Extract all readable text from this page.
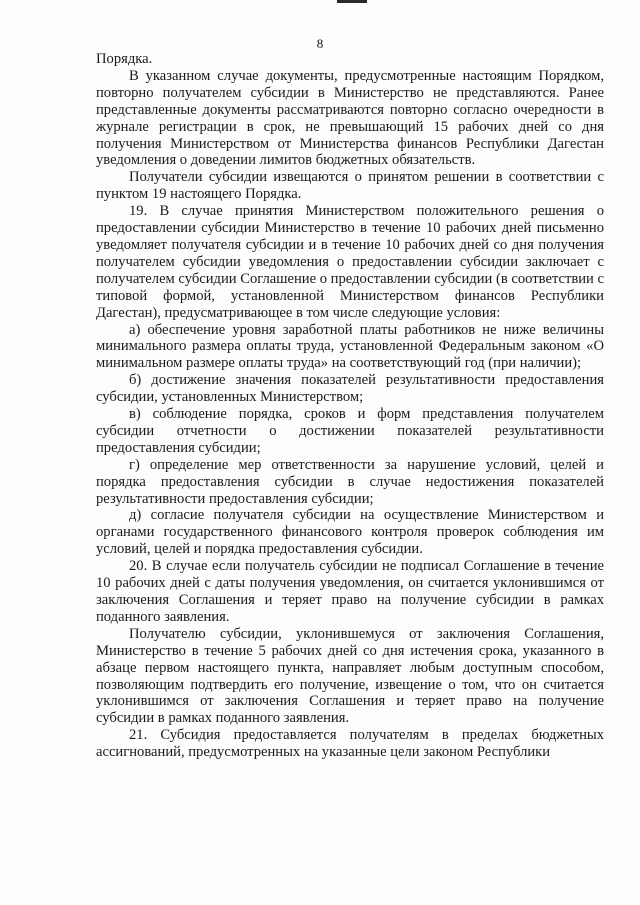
8

Порядка.

В указанном случае документы, предусмотренные настоящим Порядком, повторно получателем субсидии в Министерство не представляются. Ранее представленные документы рассматриваются повторно согласно очередности в журнале регистрации в срок, не превышающий 15 рабочих дней со дня получения Министерством от Министерства финансов Республики Дагестан уведомления о доведении лимитов бюджетных обязательств.

Получатели субсидии извещаются о принятом решении в соответствии с пунктом 19 настоящего Порядка.

19. В случае принятия Министерством положительного решения о предоставлении субсидии Министерство в течение 10 рабочих дней письменно уведомляет получателя субсидии и в течение 10 рабочих дней со дня получения получателем субсидии уведомления о предоставлении субсидии заключает с получателем субсидии Соглашение о предоставлении субсидии (в соответствии с типовой формой, установленной Министерством финансов Республики Дагестан), предусматривающее в том числе следующие условия:

а) обеспечение уровня заработной платы работников не ниже величины минимального размера оплаты труда, установленной Федеральным законом «О минимальном размере оплаты труда» на соответствующий год (при наличии);

б) достижение значения показателей результативности предоставления субсидии, установленных Министерством;

в) соблюдение порядка, сроков и форм представления получателем субсидии отчетности о достижении показателей результативности предоставления субсидии;

г) определение мер ответственности за нарушение условий, целей и порядка предоставления субсидии в случае недостижения показателей результативности предоставления субсидии;

д) согласие получателя субсидии на осуществление Министерством и органами государственного финансового контроля проверок соблюдения им условий, целей и порядка предоставления субсидии.

20. В случае если получатель субсидии не подписал Соглашение в течение 10 рабочих дней с даты получения уведомления, он считается уклонившимся от заключения Соглашения и теряет право на получение субсидии в рамках поданного заявления.

Получателю субсидии, уклонившемуся от заключения Соглашения, Министерство в течение 5 рабочих дней со дня истечения срока, указанного в абзаце первом настоящего пункта, направляет любым доступным способом, позволяющим подтвердить его получение, извещение о том, что он считается уклонившимся от заключения Соглашения и теряет право на получение субсидии в рамках поданного заявления.

21. Субсидия предоставляется получателям в пределах бюджетных ассигнований, предусмотренных на указанные цели законом Республики
